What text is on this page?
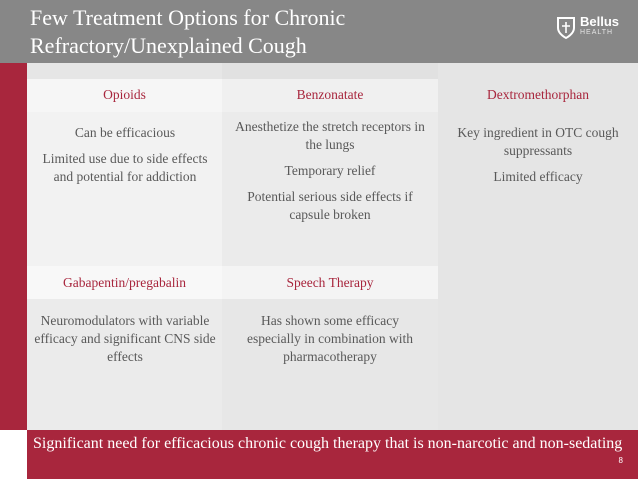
Few Treatment Options for Chronic Refractory/Unexplained Cough
Bellus
HEALTH
Opioids	Benzonatate	Dextromethorphan

Can be efficacious

Limited use due to side effects and potential for addiction

Anesthetize the stretch receptors in the lungs

Temporary relief

Potential serious side effects if capsule broken

Key ingredient in OTC cough suppressants

Limited efficacy

Gabapentin/pregabalin	Speech Therapy

Neuromodulators with variable efficacy and significant CNS side effects

Has shown some efficacy especially in combination with pharmacotherapy

Significant need for efficacious chronic cough therapy that is non-narcotic and non-sedating
8
